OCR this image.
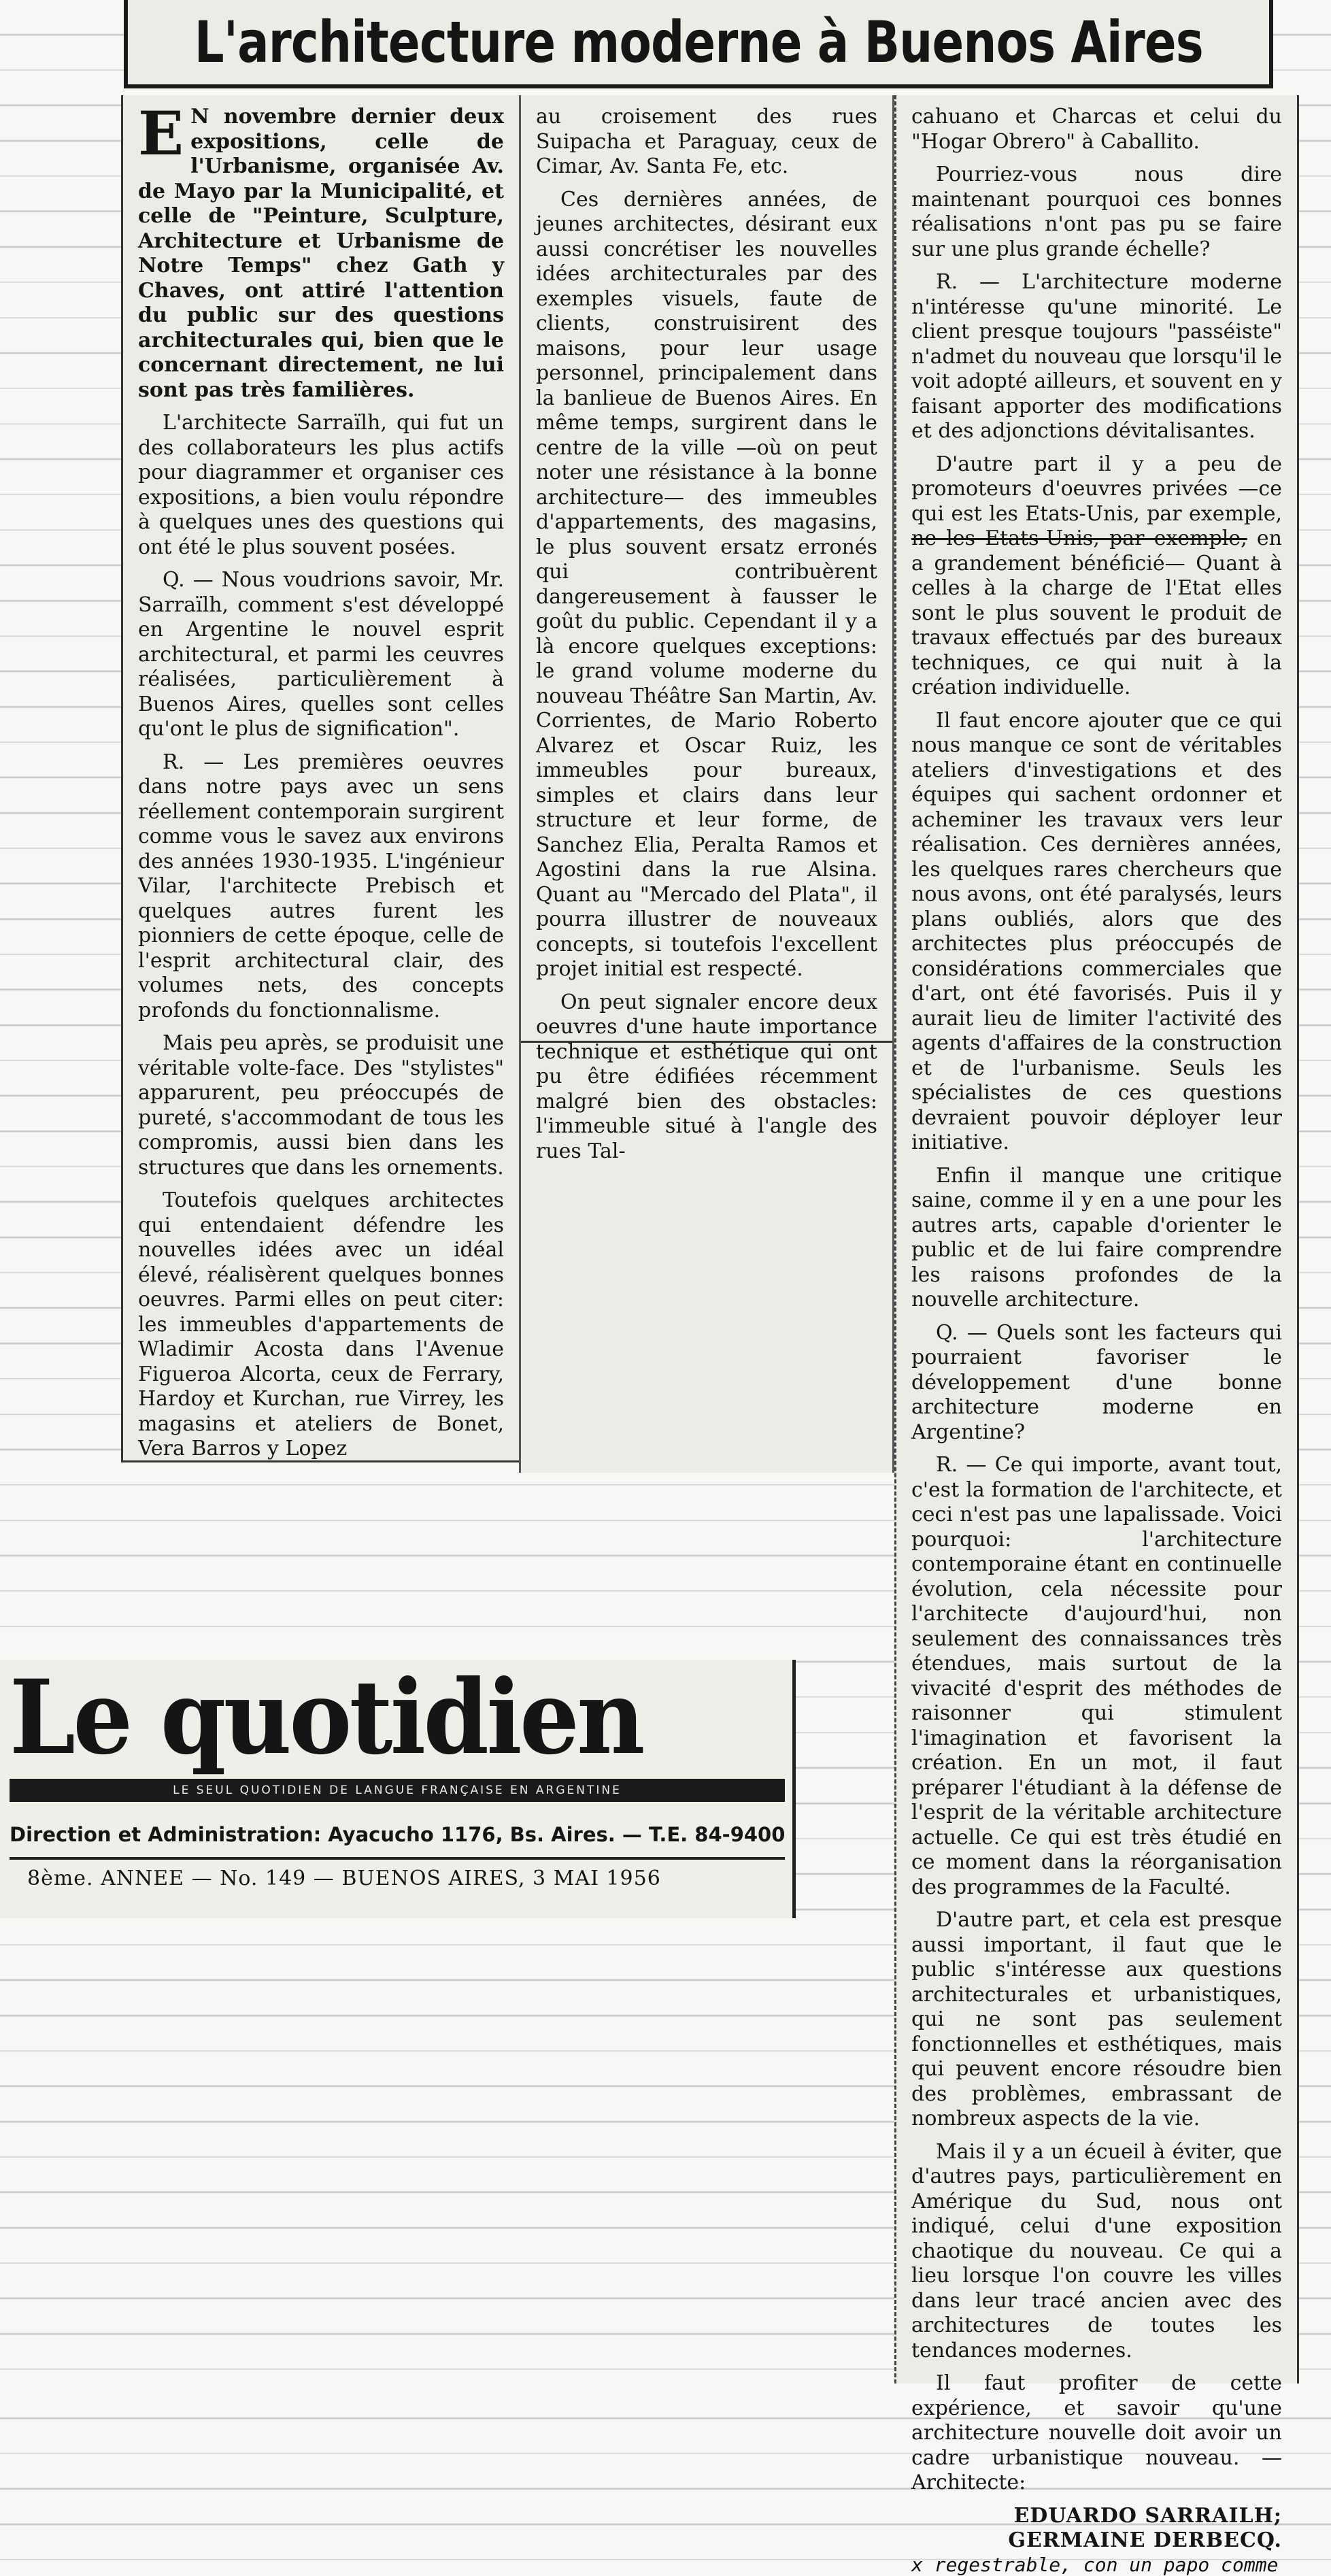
L'architecture moderne à Buenos Aires

E N novembre dernier deux expositions, celle de l'Urbanisme, organisée Av. de Mayo par la Municipalité, et celle de "Peinture, Sculpture, Architecture et Urbanisme de Notre Temps" chez Gath y Chaves, ont attiré l'attention du public sur des questions architecturales qui, bien que le concernant directement, ne lui sont pas très familières.

L'architecte Sarraïlh, qui fut un des collaborateurs les plus actifs pour diagrammer et organiser ces expositions, a bien voulu répondre à quelques unes des questions qui ont été le plus souvent posées.

Q. — Nous voudrions savoir, Mr. Sarraïlh, comment s'est développé en Argentine le nouvel esprit architectural, et parmi les ceuvres réalisées, particulièrement à Buenos Aires, quelles sont celles qu'ont le plus de signification".

R. — Les premières oeuvres dans notre pays avec un sens réellement contemporain surgirent comme vous le savez aux environs des années 1930-1935. L'ingénieur Vilar, l'architecte Prebisch et quelques autres furent les pionniers de cette époque, celle de l'esprit architectural clair, des volumes nets, des concepts profonds du fonctionnalisme.

Mais peu après, se produisit une véritable volte-face. Des "stylistes" apparurent, peu préoccupés de pureté, s'accommodant de tous les compromis, aussi bien dans les structures que dans les ornements.

Toutefois quelques architectes qui entendaient défendre les nouvelles idées avec un idéal élevé, réalisèrent quelques bonnes oeuvres. Parmi elles on peut citer: les immeubles d'appartements de Wladimir Acosta dans l'Avenue Figueroa Alcorta, ceux de Ferrary, Hardoy et Kurchan, rue Virrey, les magasins et ateliers de Bonet, Vera Barros y Lopez

au croisement des rues Suipacha et Paraguay, ceux de Cimar, Av. Santa Fe, etc.

Ces dernières années, de jeunes architectes, désirant eux aussi concrétiser les nouvelles idées architecturales par des exemples visuels, faute de clients, construisirent des maisons, pour leur usage personnel, principalement dans la banlieue de Buenos Aires. En même temps, surgirent dans le centre de la ville —où on peut noter une résistance à la bonne architecture— des immeubles d'appartements, des magasins, le plus souvent ersatz erronés qui contribuèrent dangereusement à fausser le goût du public. Cependant il y a là encore quelques exceptions: le grand volume moderne du nouveau Théâtre San Martin, Av. Corrientes, de Mario Roberto Alvarez et Oscar Ruiz, les immeubles pour bureaux, simples et clairs dans leur structure et leur forme, de Sanchez Elia, Peralta Ramos et Agostini dans la rue Alsina. Quant au "Mercado del Plata", il pourra illustrer de nouveaux concepts, si toutefois l'excellent projet initial est respecté.

On peut signaler encore deux oeuvres d'une haute importance technique et esthétique qui ont pu être édifiées récemment malgré bien des obstacles: l'immeuble situé à l'angle des rues Tal-

cahuano et Charcas et celui du "Hogar Obrero" à Caballito.

Pourriez-vous nous dire maintenant pourquoi ces bonnes réalisations n'ont pas pu se faire sur une plus grande échelle?

R. — L'architecture moderne n'intéresse qu'une minorité. Le client presque toujours "passéiste" n'admet du nouveau que lorsqu'il le voit adopté ailleurs, et souvent en y faisant apporter des modifications et des adjonctions dévitalisantes.

D'autre part il y a peu de promoteurs d'oeuvres privées —ce qui est les Etats-Unis, par exemple, ne les Etats-Unis, par exemple, en a grandement bénéficié— Quant à celles à la charge de l'Etat elles sont le plus souvent le produit de travaux effectués par des bureaux techniques, ce qui nuit à la création individuelle.

Il faut encore ajouter que ce qui nous manque ce sont de véritables ateliers d'investigations et des équipes qui sachent ordonner et acheminer les travaux vers leur réalisation. Ces dernières années, les quelques rares chercheurs que nous avons, ont été paralysés, leurs plans oubliés, alors que des architectes plus préoccupés de considérations commerciales que d'art, ont été favorisés. Puis il y aurait lieu de limiter l'activité des agents d'affaires de la construction et de l'urbanisme. Seuls les spécialistes de ces questions devraient pouvoir déployer leur initiative.

Enfin il manque une critique saine, comme il y en a une pour les autres arts, capable d'orienter le public et de lui faire comprendre les raisons profondes de la nouvelle architecture.

Q. — Quels sont les facteurs qui pourraient favoriser le développement d'une bonne architecture moderne en Argentine?

R. — Ce qui importe, avant tout, c'est la formation de l'architecte, et ceci n'est pas une lapalissade. Voici pourquoi: l'architecture contemporaine étant en continuelle évolution, cela nécessite pour l'architecte d'aujourd'hui, non seulement des connaissances très étendues, mais surtout de la vivacité d'esprit des méthodes de raisonner qui stimulent l'imagination et favorisent la création. En un mot, il faut préparer l'étudiant à la défense de l'esprit de la véritable architecture actuelle. Ce qui est très étudié en ce moment dans la réorganisation des programmes de la Faculté.

D'autre part, et cela est presque aussi important, il faut que le public s'intéresse aux questions architecturales et urbanistiques, qui ne sont pas seulement fonctionnelles et esthétiques, mais qui peuvent encore résoudre bien des problèmes, embrassant de nombreux aspects de la vie.

Mais il y a un écueil à éviter, que d'autres pays, particulièrement en Amérique du Sud, nous ont indiqué, celui d'une exposition chaotique du nouveau. Ce qui a lieu lorsque l'on couvre les villes dans leur tracé ancien avec des architectures de toutes les tendances modernes.

Il faut profiter de cette expérience, et savoir qu'une architecture nouvelle doit avoir un cadre urbanistique nouveau. — Architecte:

EDUARDO SARRAILH;
GERMAINE DERBECQ.
x regestrable, con un papo comme
Le quotidien
LE SEUL QUOTIDIEN DE LANGUE FRANÇAISE EN ARGENTINE
Direction et Administration: Ayacucho 1176, Bs. Aires. — T.E. 84-9400
8ème. ANNEE — No. 149 — BUENOS AIRES, 3 MAI 1956
